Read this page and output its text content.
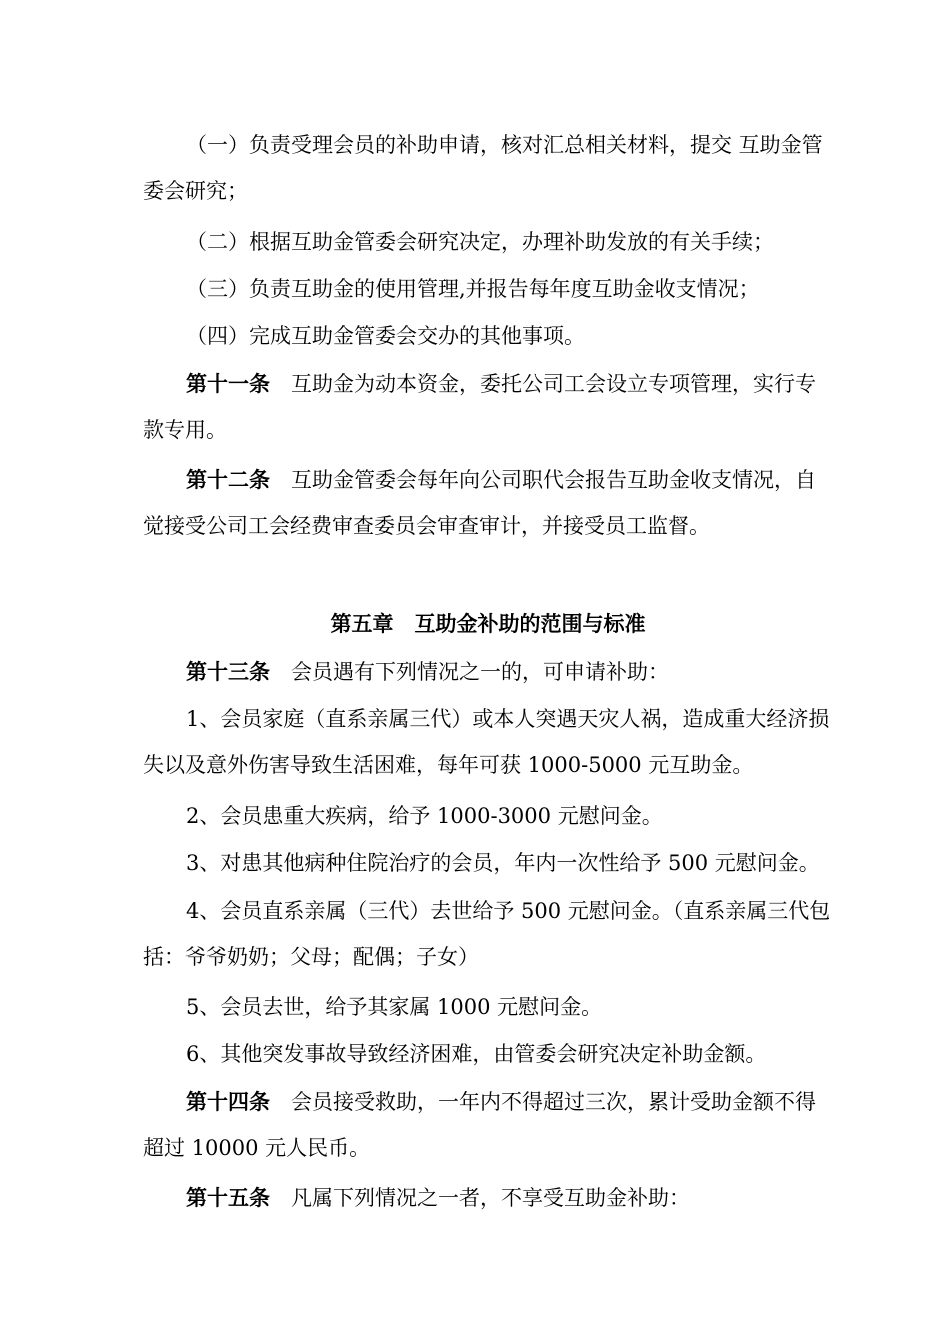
（一）负责受理会员的补助申请，核对汇总相关材料，提交 互助金管委会研究；

（二）根据互助金管委会研究决定，办理补助发放的有关手续；

（三）负责互助金的使用管理,并报告每年度互助金收支情况；

（四）完成互助金管委会交办的其他事项。

第十一条　互助金为动本资金，委托公司工会设立专项管理，实行专款专用。

第十二条　互助金管委会每年向公司职代会报告互助金收支情况，自觉接受公司工会经费审查委员会审查审计，并接受员工监督。

第五章　互助金补助的范围与标准

第十三条　会员遇有下列情况之一的，可申请补助：

1、会员家庭（直系亲属三代）或本人突遇天灾人祸，造成重大经济损失以及意外伤害导致生活困难，每年可获 1000-5000 元互助金。

2、会员患重大疾病，给予 1000-3000 元慰问金。

3、对患其他病种住院治疗的会员，年内一次性给予 500 元慰问金。

4、会员直系亲属（三代）去世给予 500 元慰问金。（直系亲属三代包括：爷爷奶奶；父母；配偶；子女）

5、会员去世，给予其家属 1000 元慰问金。

6、其他突发事故导致经济困难，由管委会研究决定补助金额。

第十四条　会员接受救助，一年内不得超过三次，累计受助金额不得超过 10000 元人民币。

第十五条　凡属下列情况之一者，不享受互助金补助：
